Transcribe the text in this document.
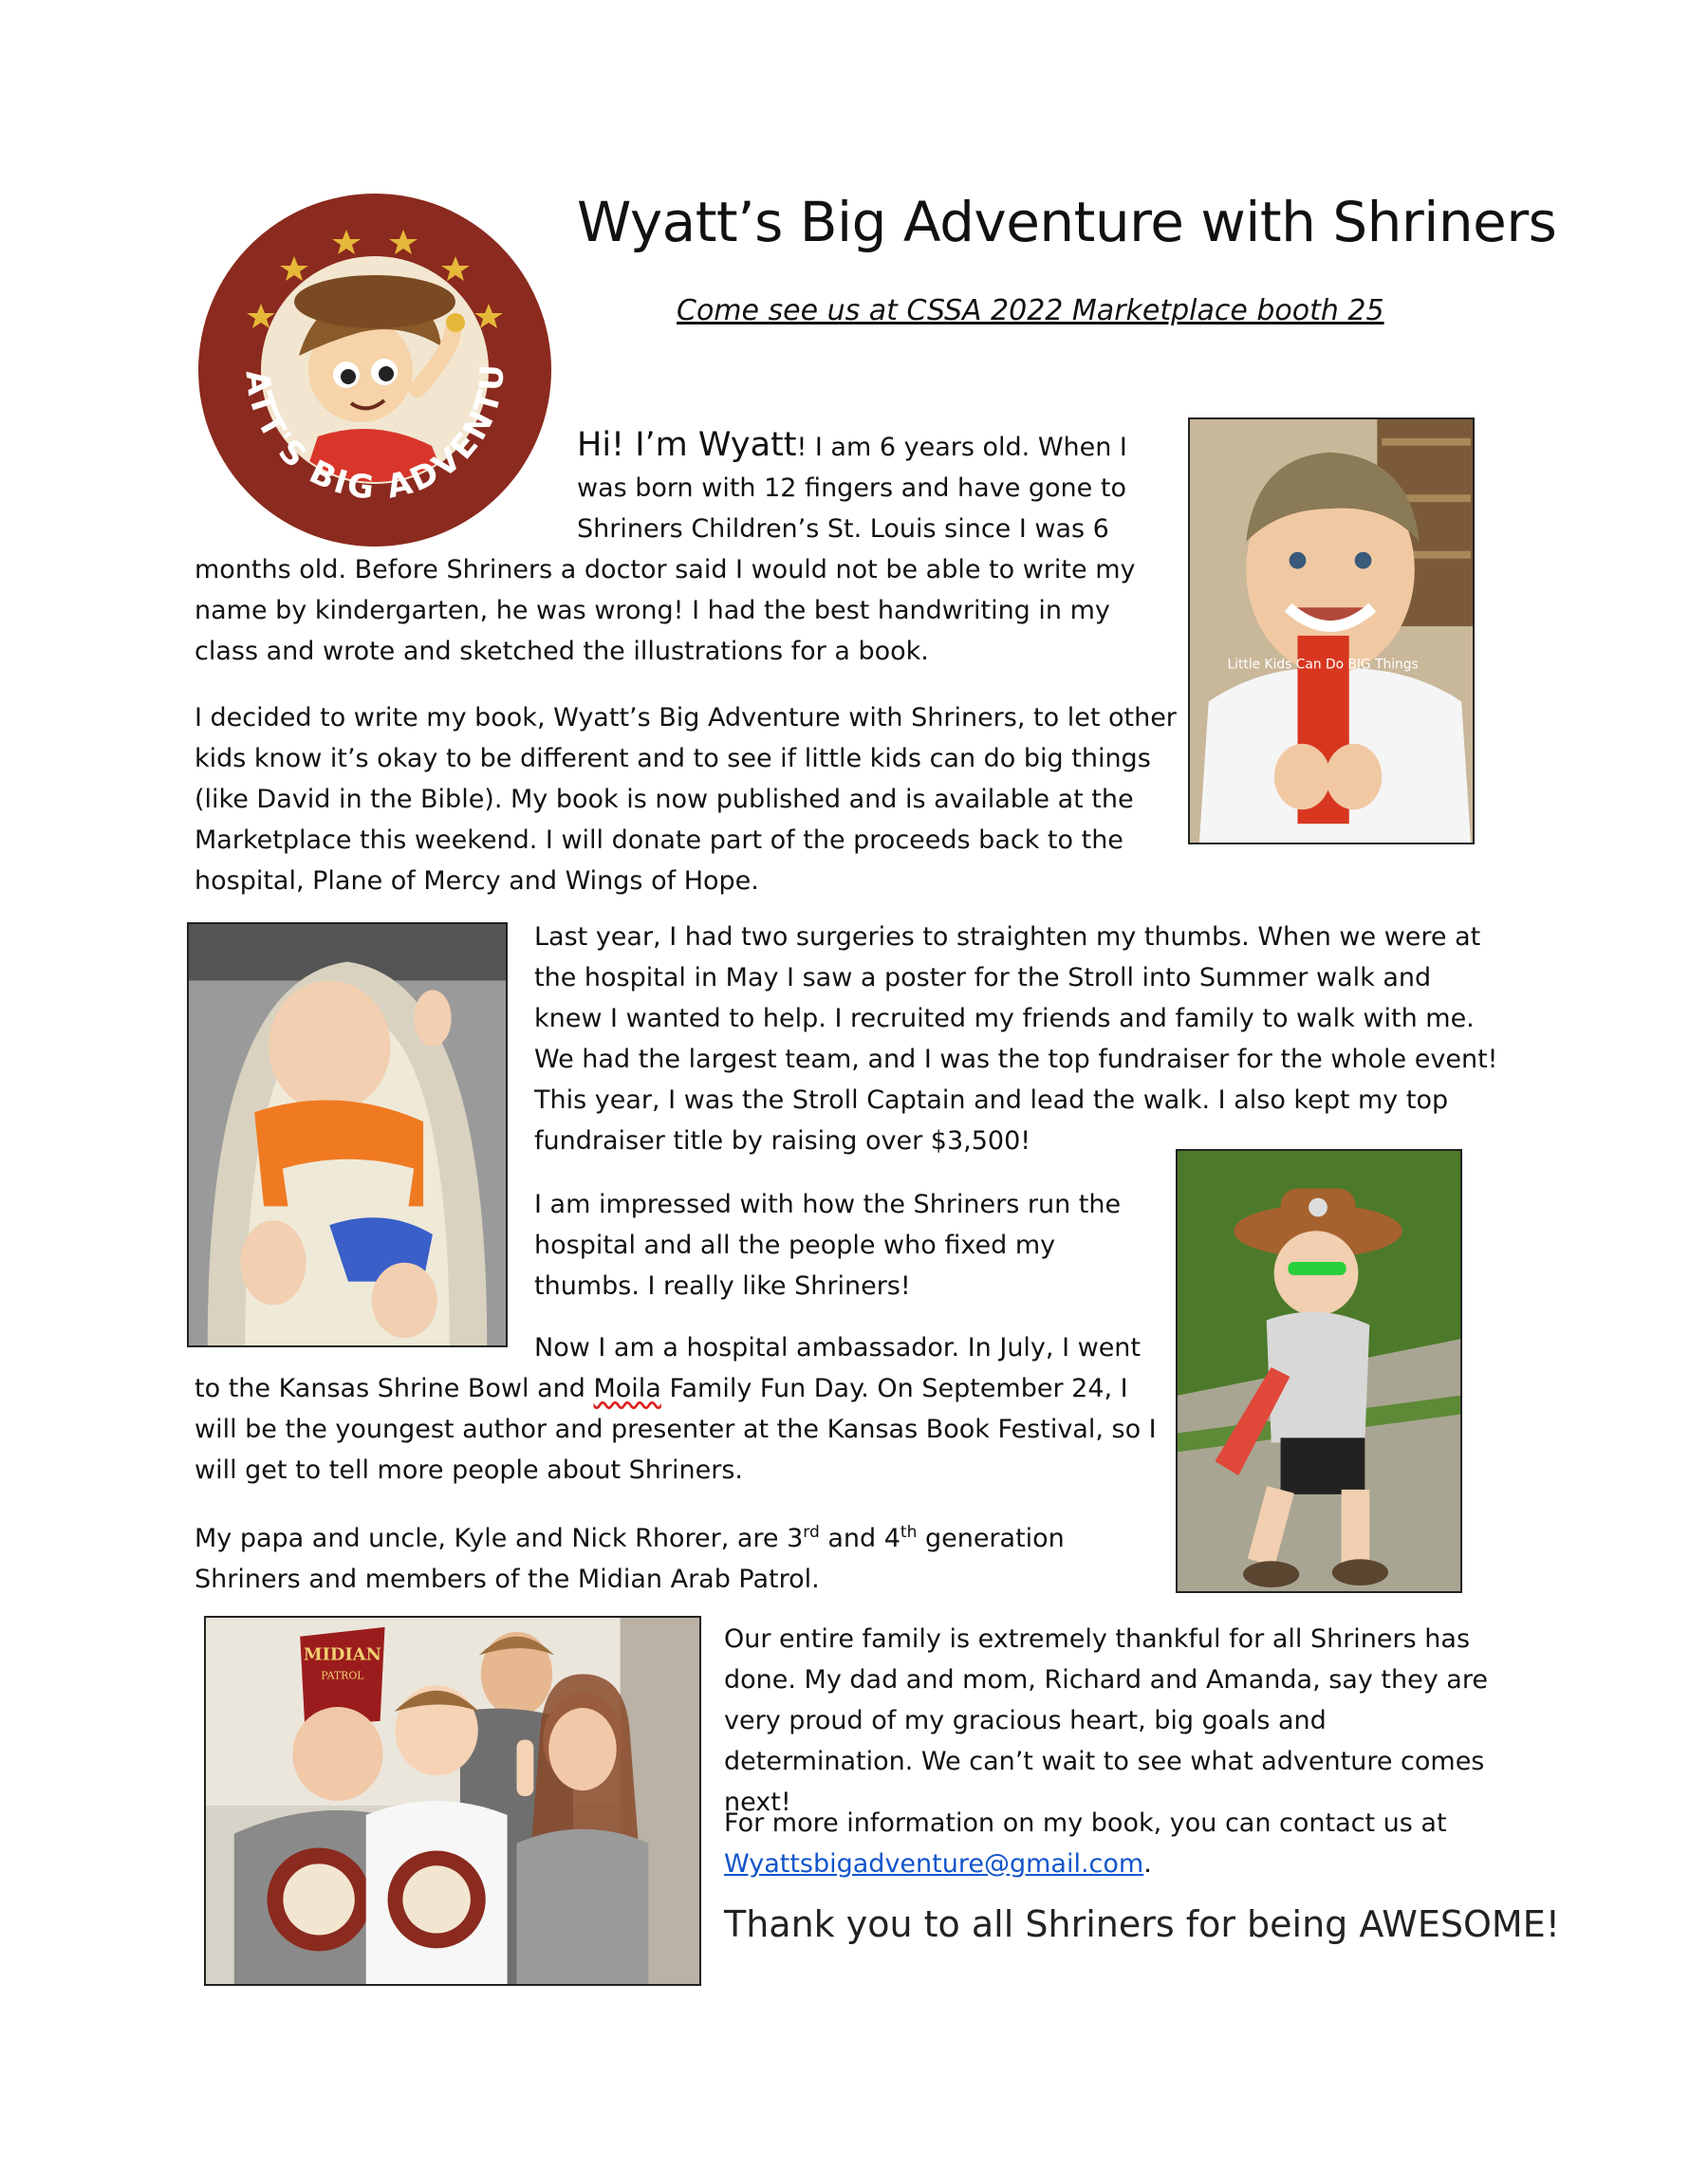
ATT'S BIG ADVENTU
Wyatt’s Big Adventure with Shriners
Come see us at CSSA 2022 Marketplace booth 25
Hi! I’m Wyatt! I am 6 years old. When I
was born with 12 fingers and have gone to
Shriners Children’s St. Louis since I was 6
months old. Before Shriners a doctor said I would not be able to write my name by kindergarten, he was wrong! I had the best handwriting in my class and wrote and sketched the illustrations for a book.	Little Kids Can Do BIG Things
I decided to write my book, Wyatt’s Big Adventure with Shriners, to let other kids know it’s okay to be different and to see if little kids can do big things (like David in the Bible). My book is now published and is available at the Marketplace this weekend. I will donate part of the proceeds back to the hospital, Plane of Mercy and Wings of Hope.
Last year, I had two surgeries to straighten my thumbs. When we were at the hospital in May I saw a poster for the Stroll into Summer walk and knew I wanted to help. I recruited my friends and family to walk with me. We had the largest team, and I was the top fundraiser for the whole event! This year, I was the Stroll Captain and lead the walk. I also kept my top fundraiser title by raising over $3,500!
I am impressed with how the Shriners run the hospital and all the people who fixed my thumbs. I really like Shriners!
Now I am a hospital ambassador. In July, I went
to the Kansas Shrine Bowl and Moila Family Fun Day. On September 24, I will be the youngest author and presenter at the Kansas Book Festival, so I will get to tell more people about Shriners.
My papa and uncle, Kyle and Nick Rhorer, are 3rd and 4th generation Shriners and members of the Midian Arab Patrol.
MIDIAN
PATROL
Our entire family is extremely thankful for all Shriners has done. My dad and mom, Richard and Amanda, say they are very proud of my gracious heart, big goals and determination. We can’t wait to see what adventure comes next!
For more information on my book, you can contact us at
Wyattsbigadventure@gmail.com.
Thank you to all Shriners for being AWESOME!
